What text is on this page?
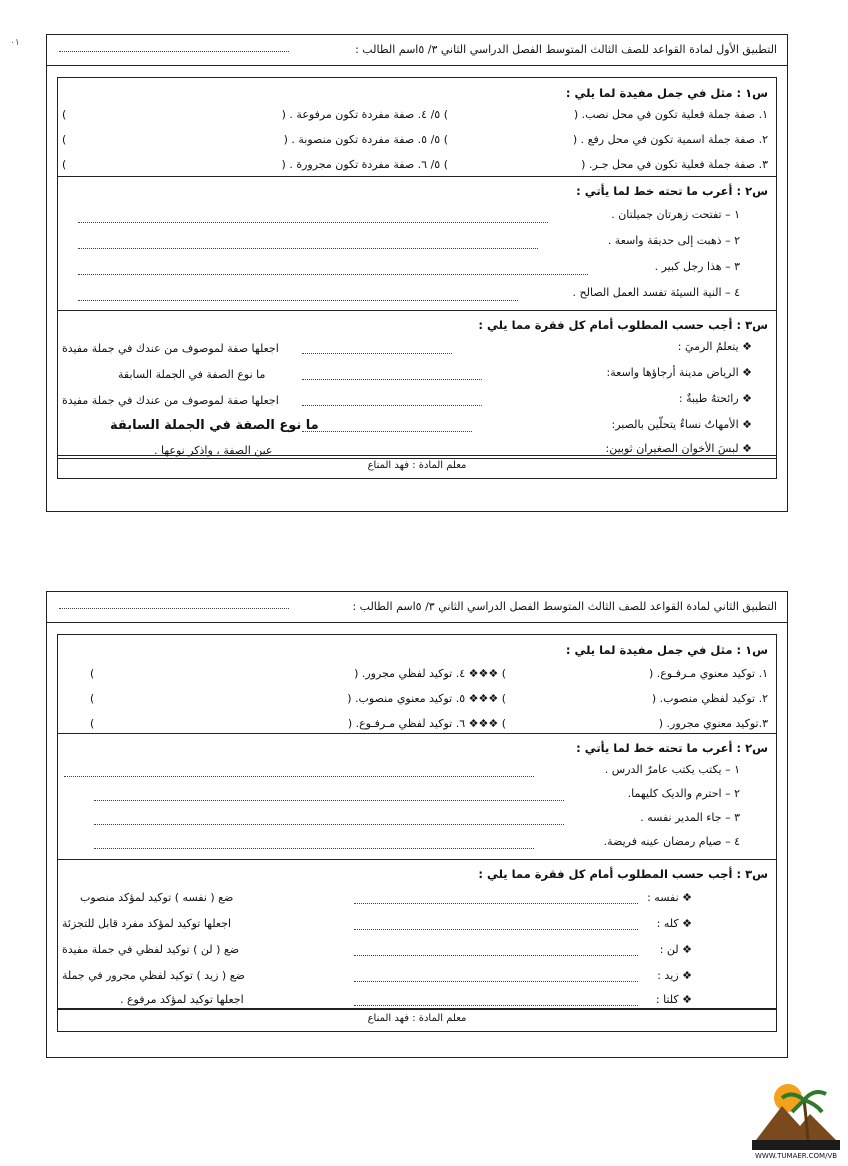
٠١	التطبيق الأول لمادة القواعد للصف الثالث المتوسط الفصل الدراسي الثاني ٣/ ٥اسم الطالب :
س١ : مثل في جمل مفيدة لما يلي :
١. صفة جملة فعلية تكون في محل نصب. (
٢. صفة جملة اسمية تكون في محل رفع . (
٣. صفة جملة فعلية تكون في محل جـر. (
) ٥/ ٤. صفة مفردة تكون مرفوعة . (
) ٥/ ٥. صفة مفردة تكون منصوبة . (
) ٥/ ٦. صفة مفردة تكون مجرورة . (
)
)
)
س٢ : أعرب ما تحته خط لما يأتي :
١ – تفتحت زهرتان جميلتان .
٢ – ذهبت إلى حديقة واسعة .
٣ – هذا رجل كبير .
٤ – النية السيئة تفسد العمل الصالح .
س٣ : أجب حسب المطلوب أمام كل فقرة مما يلي :
❖ يتعلمُ الرميَ :
❖ الرياض مدينة أرجاؤها واسعة:
❖ رائحتهُ طيبةٌ :
❖ الأمهاتُ نساءٌ يتحلّين بالصبر:
❖ لبسَ الأخوان الصغيران ثوبين:
اجعلها صفة لموصوف من عندك في جملة مفيدة
ما نوع الصفة في الجملة السابقة
اجعلها صفة لموصوف من عندك في جملة مفيدة
ما نوع الصفة في الجملة السابقة
عين الصفة ، واذكر نوعها .
معلم المادة : فهد المناع
التطبيق الثاني لمادة القواعد للصف الثالث المتوسط الفصل الدراسي الثاني ٣/ ٥اسم الطالب :
س١ : مثل في جمل مفيدة لما يلي :
١. توكيد معنوي مـرفـوع. (
٢. توكيد لفظي منصوب. (
٣.توكيد معنوي مجرور. (
) ❖❖❖ ٤. توكيد لفظي مجرور. (
) ❖❖❖ ٥. توكيد معنوي منصوب. (
) ❖❖❖ ٦. توكيد لفظي مـرفـوع. (
)
)
)
س٢ : أعرب ما تحته خط لما يأتي :
١ – يكتب يكتب عامرٌ الدرس .
٢ – احترم والديک كليهما.
٣ – جاء المدير نفسه .
٤ – صيام رمضان عينه فريضة.
س٣ : أجب حسب المطلوب أمام كل فقرة مما يلي :
❖ نفسه :
❖ كله :
❖ لن :
❖ زيد :
❖ كلتا :
ضع ( نفسه ) توكيد لمؤكد منصوب
اجعلها توكيد لمؤكد مفرد قابل للتجزئة
ضع ( لن ) توكيد لفظي في جملة مفيدة
ضع ( زيد ) توكيد لفظي مجرور في جملة
اجعلها توكيد لمؤكد مرفوع .
معلم المادة : فهد المناع
WWW.TUMAER.COM/VB
